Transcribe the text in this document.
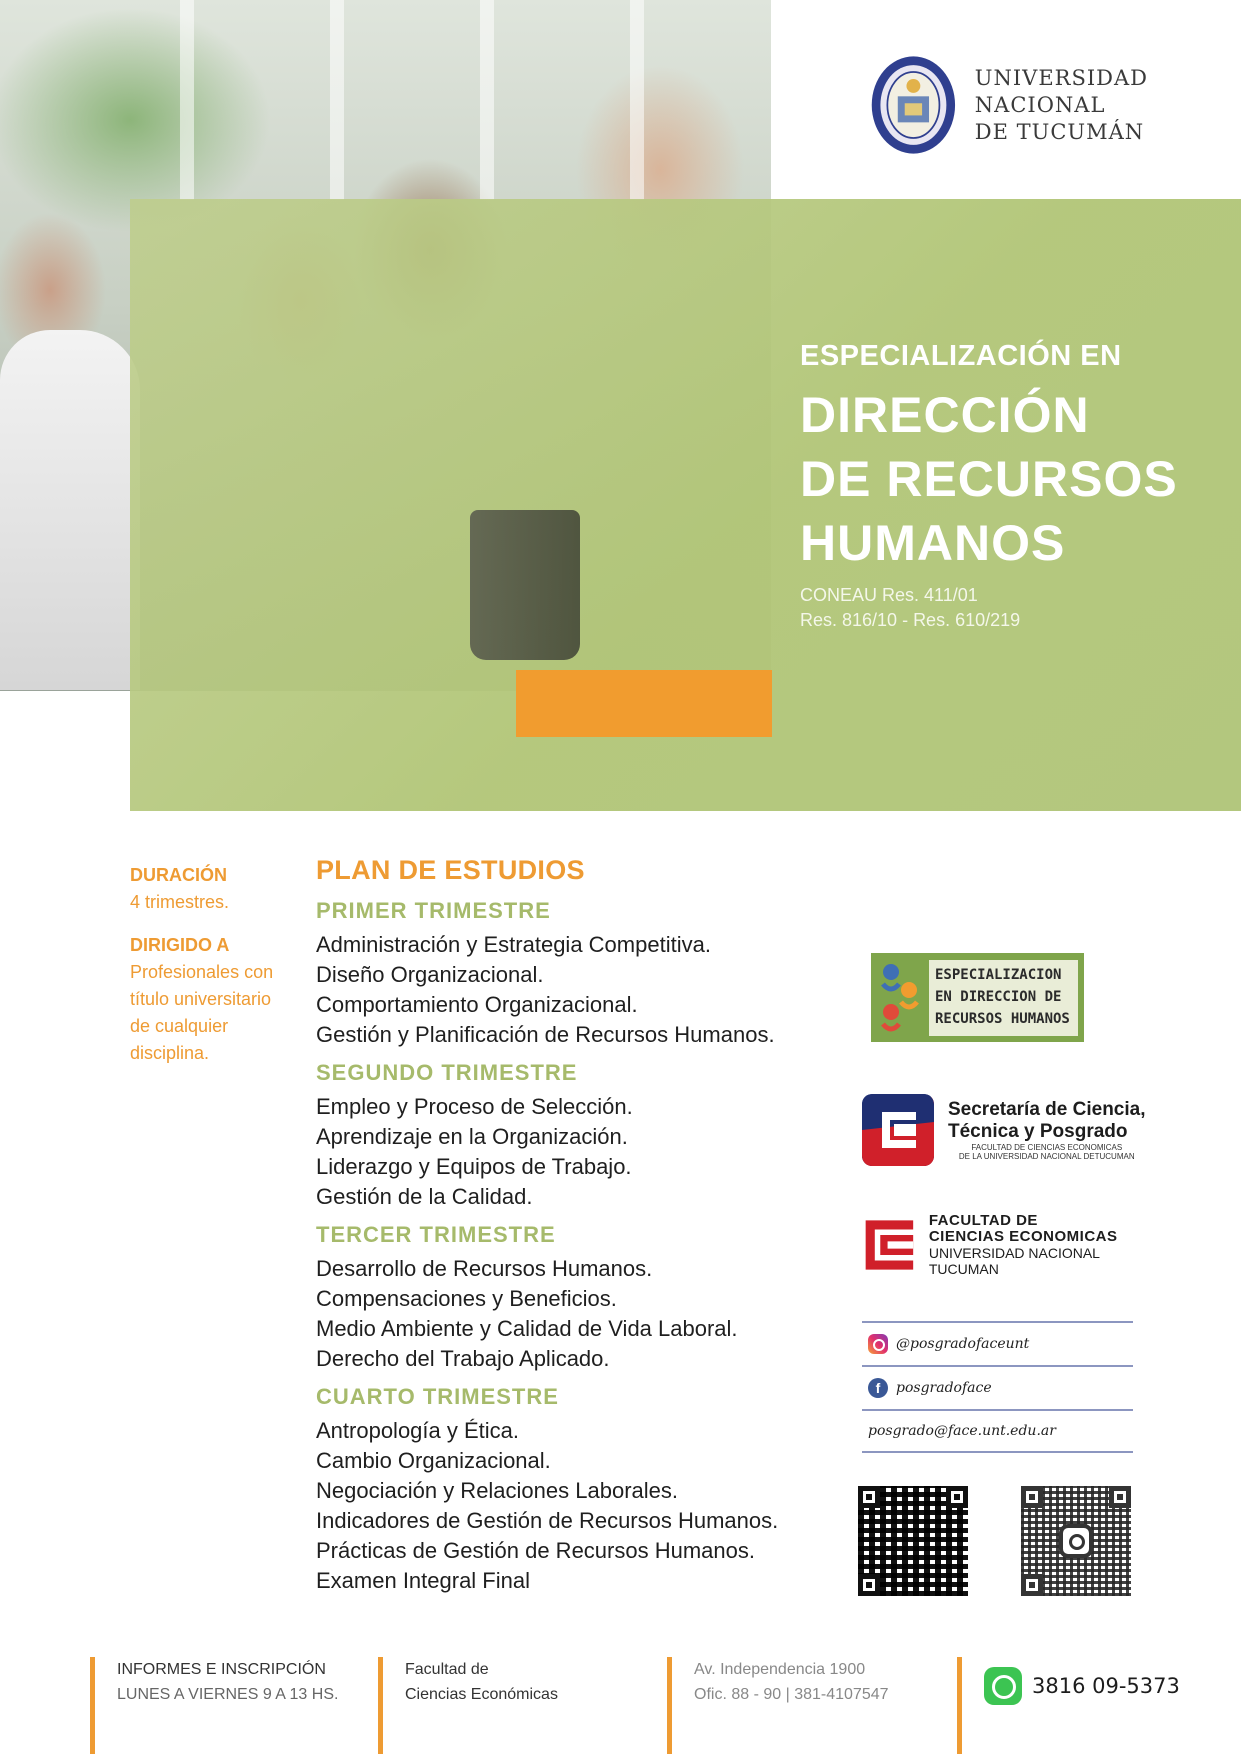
UNIVERSIDAD
NACIONAL
DE TUCUMÁN
ESPECIALIZACIÓN EN
DIRECCIÓN
DE RECURSOS
HUMANOS
CONEAU Res. 411/01
Res. 816/10 - Res. 610/219
DURACIÓN
4 trimestres.
DIRIGIDO A
Profesionales con
título universitario
de cualquier
disciplina.
PLAN DE ESTUDIOS
PRIMER TRIMESTRE
Administración y Estrategia Competitiva.
Diseño Organizacional.
Comportamiento Organizacional.
Gestión y Planificación de Recursos Humanos.
SEGUNDO TRIMESTRE
Empleo y Proceso de Selección.
Aprendizaje en la Organización.
Liderazgo y Equipos de Trabajo.
Gestión de la Calidad.
TERCER TRIMESTRE
Desarrollo de Recursos Humanos.
Compensaciones y Beneficios.
Medio Ambiente y Calidad de Vida Laboral.
Derecho del Trabajo Aplicado.
CUARTO TRIMESTRE
Antropología y Ética.
Cambio Organizacional.
Negociación y Relaciones Laborales.
Indicadores de Gestión de Recursos Humanos.
Prácticas de Gestión de Recursos Humanos.
Examen Integral Final
ESPECIALIZACION
EN DIRECCION DE
RECURSOS HUMANOS
Secretaría de Ciencia,
Técnica y Posgrado
FACULTAD DE CIENCIAS ECONOMICAS
DE LA UNIVERSIDAD NACIONAL DETUCUMAN
FACULTAD DE
CIENCIAS ECONOMICAS
UNIVERSIDAD NACIONAL TUCUMAN
@posgradofaceunt
f	posgradoface
posgrado@face.unt.edu.ar
INFORMES E INSCRIPCIÓN
LUNES A VIERNES 9 A 13 HS.
Facultad de
Ciencias Económicas
Av. Independencia 1900
Ofic. 88 - 90 | 381-4107547	3816 09-5373
